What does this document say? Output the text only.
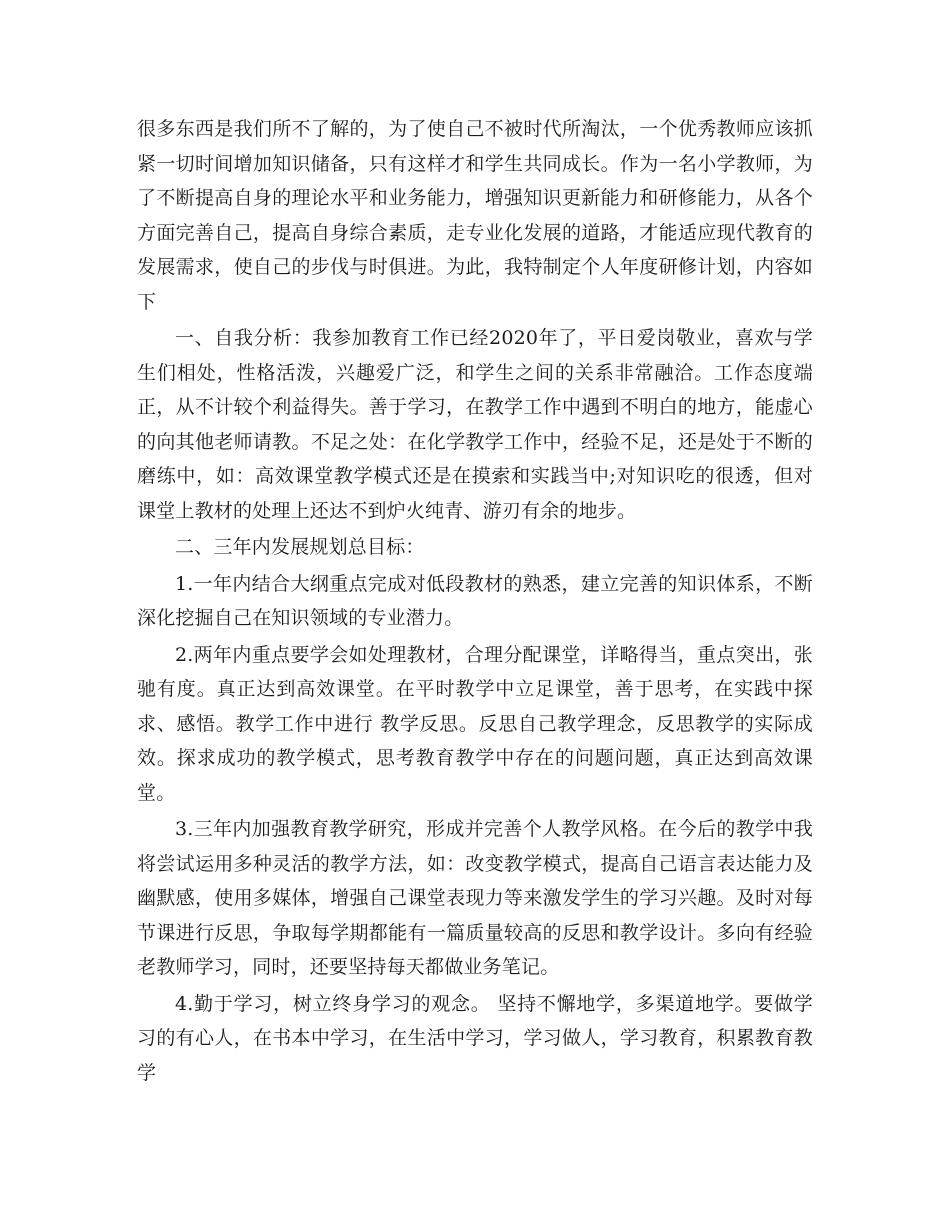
很多东西是我们所不了解的，为了使自己不被时代所淘汰，一个优秀教师应该抓紧一切时间增加知识储备，只有这样才和学生共同成长。作为一名小学教师，为了不断提高自身的理论水平和业务能力，增强知识更新能力和研修能力，从各个方面完善自己，提高自身综合素质，走专业化发展的道路，才能适应现代教育的发展需求，使自己的步伐与时俱进。为此，我特制定个人年度研修计划，内容如下

一、自我分析：我参加教育工作已经2020年了，平日爱岗敬业，喜欢与学生们相处，性格活泼，兴趣爱广泛，和学生之间的关系非常融洽。工作态度端正，从不计较个利益得失。善于学习，在教学工作中遇到不明白的地方，能虚心的向其他老师请教。不足之处：在化学教学工作中，经验不足，还是处于不断的磨练中，如：高效课堂教学模式还是在摸索和实践当中;对知识吃的很透，但对课堂上教材的处理上还达不到炉火纯青、游刃有余的地步。

二、三年内发展规划总目标：

1.一年内结合大纲重点完成对低段教材的熟悉，建立完善的知识体系，不断深化挖掘自己在知识领域的专业潜力。

2.两年内重点要学会如处理教材，合理分配课堂，详略得当，重点突出，张驰有度。真正达到高效课堂。在平时教学中立足课堂，善于思考，在实践中探求、感悟。教学工作中进行 教学反思。反思自己教学理念，反思教学的实际成效。探求成功的教学模式，思考教育教学中存在的问题问题，真正达到高效课堂。

3.三年内加强教育教学研究，形成并完善个人教学风格。在今后的教学中我将尝试运用多种灵活的教学方法，如：改变教学模式，提高自己语言表达能力及幽默感，使用多媒体，增强自己课堂表现力等来激发学生的学习兴趣。及时对每节课进行反思，争取每学期都能有一篇质量较高的反思和教学设计。多向有经验老教师学习，同时，还要坚持每天都做业务笔记。

4.勤于学习，树立终身学习的观念。 坚持不懈地学，多渠道地学。要做学习的有心人，在书本中学习，在生活中学习，学习做人，学习教育，积累教育教学
